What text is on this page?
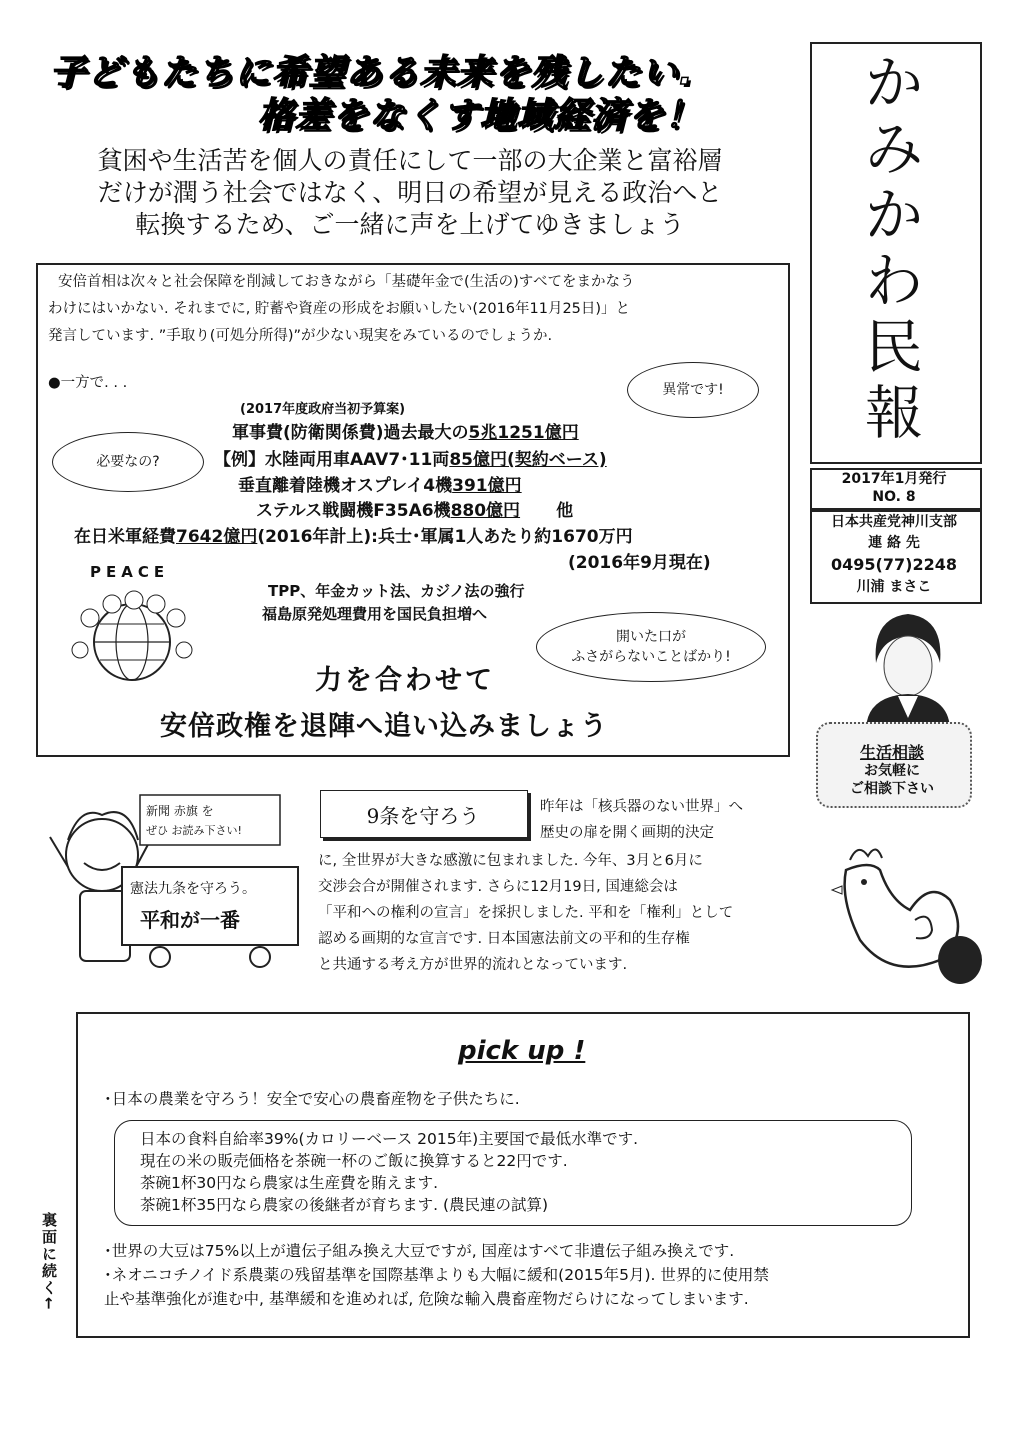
子どもたちに希望ある未来を残したい.
格差をなくす地域経済を！
貧困や生活苦を個人の責任にして一部の大企業と富裕層
だけが潤う社会ではなく、明日の希望が見える政治へと
転換するため、ご一緒に声を上げてゆきましょう
安倍首相は次々と社会保障を削減しておきながら「基礎年金で(生活の)すべてをまかなう
わけにはいかない. それまでに, 貯蓄や資産の形成をお願いしたい(2016年11月25日)」と
発言しています. ”手取り(可処分所得)”が少ない現実をみているのでしょうか.
●一方で. . .	異常です!
必要なの?
(2017年度政府当初予算案)
軍事費(防衛関係費)過去最大の5兆1251億円
【例】水陸両用車AAV7･11両85億円(契約ベース)
垂直離着陸機オスプレイ4機391億円
ステルス戦闘機F35A6機880億円 他
在日米軍経費7642億円(2016年計上):兵士･軍属1人あたり約1670万円
(2016年9月現在)
PEACE
TPP、年金カット法、カジノ法の強行
福島原発処理費用を国民負担増へ
開いた口が
ふさがらないことばかり!
力を合わせて
安倍政権を退陣へ追い込みましょう
か
み
か
わ
民
報
2017年1月発行
NO. 8
日本共産党神川支部
連 絡 先
0495(77)2248
川浦 まさこ
生活相談
お気軽に
ご相談下さい
新聞 赤旗 を
ぜひ お読み下さい!
憲法九条を守ろう。
平和が一番
9条を守ろう	昨年は「核兵器のない世界」へ
歴史の扉を開く画期的決定
に, 全世界が大きな感激に包まれました. 今年、3月と6月に
交渉会合が開催されます. さらに12月19日, 国連総会は
「平和への権利の宣言」を採択しました. 平和を「権利」として
認める画期的な宣言です. 日本国憲法前文の平和的生存権
と共通する考え方が世界的流れとなっています.
pick up !
･日本の農業を守ろう！安全で安心の農畜産物を子供たちに.
日本の食料自給率39%(カロリーベース 2015年)主要国で最低水準です.
現在の米の販売価格を茶碗一杯のご飯に換算すると22円です.
茶碗1杯30円なら農家は生産費を賄えます.
茶碗1杯35円なら農家の後継者が育ちます. (農民連の試算)
･世界の大豆は75%以上が遺伝子組み換え大豆ですが, 国産はすべて非遺伝子組み換えです.
･ネオニコチノイド系農薬の残留基準を国際基準よりも大幅に緩和(2015年5月). 世界的に使用禁
止や基準強化が進む中, 基準緩和を進めれば, 危険な輸入農畜産物だらけになってしまいます.
裏面に続く←
